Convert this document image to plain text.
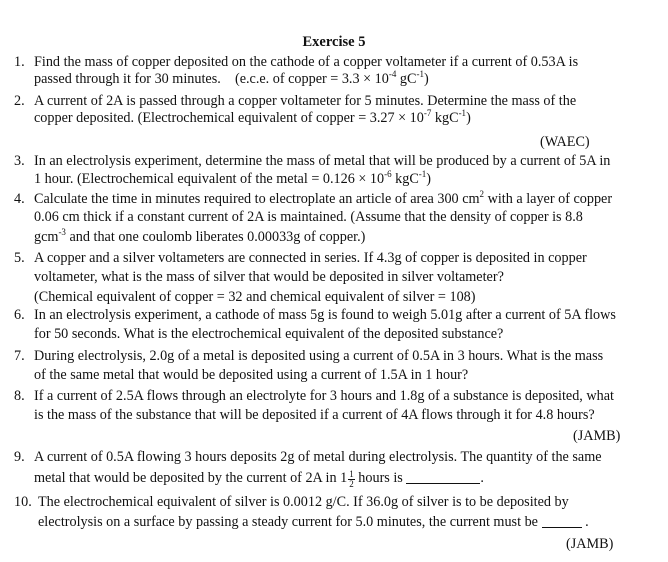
Exercise 5
1. Find the mass of copper deposited on the cathode of a copper voltameter if a current of 0.53A is
passed through it for 30 minutes. (e.c.e. of copper = $3.3 \times 10^{-4}$ $gC^{-1}$)
2. A current of 2A is passed through a copper voltameter for 5 minutes. Determine the mass of the
copper deposited. (Electrochemical equivalent of copper = $3.27 \times 10^{-7}$ kgC$^{-1}$)
(WAEC)
3. In an electrolysis experiment, determine the mass of metal that will be produced by a current of 5A in
1 hour. (Electrochemical equivalent of the metal = $0.126 \times 10^{-6}$ kgC$^{-1}$)
4. Calculate the time in minutes required to electroplate an article of area 300 $cm^2$ with a layer of copper
0.06 cm thick if a constant current of 2A is maintained. (Assume that the density of copper is 8.8
gcm$^{-3}$ and that one coulomb liberates 0.00033g of copper.)
5. A copper and a silver voltameters are connected in series. If 4.3g of copper is deposited in copper
voltameter, what is the mass of silver that would be deposited in silver voltameter?
(Chemical equivalent of copper = 32 and chemical equivalent of silver = 108)
6. In an electrolysis experiment, a cathode of mass 5g is found to weigh 5.01g after a current of 5A flows
for 50 seconds. What is the electrochemical equivalent of the deposited substance?
7. During electrolysis, 2.0g of a metal is deposited using a current of 0.5A in 3 hours. What is the mass
of the same metal that would be deposited using a current of 1.5A in 1 hour?
8. If a current of 2.5A flows through an electrolyte for 3 hours and 1.8g of a substance is deposited, what
is the mass of the substance that will be deposited if a current of 4A flows through it for 4.8 hours?
(JAMB)
9. A current of 0.5A flowing 3 hours deposits 2g of metal during electrolysis. The quantity of the same
metal that would be deposited by the current of 2A in $1 \frac{1}{2}$ hours is	.
10. The electrochemical equivalent of silver is 0.0012 g/C. If 36.0g of silver is to be deposited by
electrolysis on a surface by passing a steady current for 5.0 minutes, the current must be	.
(JAMB)
